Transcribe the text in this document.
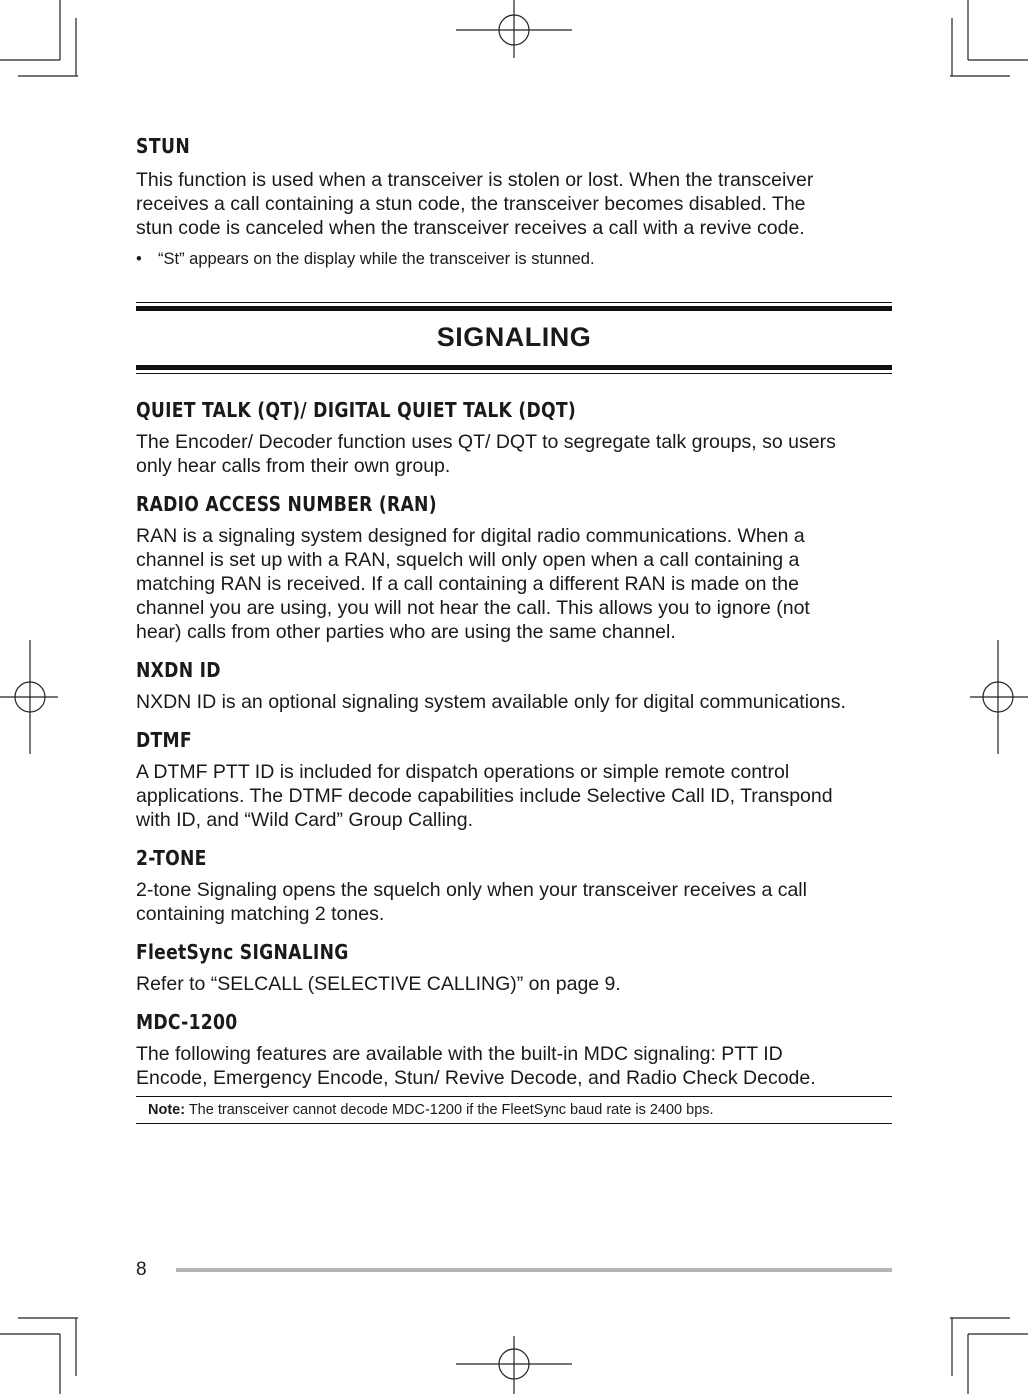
STUN

This function is used when a transceiver is stolen or lost. When the transceiver
receives a call containing a stun code, the transceiver becomes disabled. The
stun code is canceled when the transceiver receives a call with a revive code.

• “St” appears on the display while the transceiver is stunned.
SIGNALING
QUIET TALK (QT)/ DIGITAL QUIET TALK (DQT)

The Encoder/ Decoder function uses QT/ DQT to segregate talk groups, so users
only hear calls from their own group.

RADIO ACCESS NUMBER (RAN)

RAN is a signaling system designed for digital radio communications. When a
channel is set up with a RAN, squelch will only open when a call containing a
matching RAN is received. If a call containing a different RAN is made on the
channel you are using, you will not hear the call. This allows you to ignore (not
hear) calls from other parties who are using the same channel.

NXDN ID

NXDN ID is an optional signaling system available only for digital communications.

DTMF

A DTMF PTT ID is included for dispatch operations or simple remote control
applications. The DTMF decode capabilities include Selective Call ID, Transpond
with ID, and “Wild Card” Group Calling.

2-TONE

2-tone Signaling opens the squelch only when your transceiver receives a call
containing matching 2 tones.

FleetSync SIGNALING

Refer to “SELCALL (SELECTIVE CALLING)” on page 9.

MDC-1200

The following features are available with the built-in MDC signaling: PTT ID
Encode, Emergency Encode, Stun/ Revive Decode, and Radio Check Decode.

Note: The transceiver cannot decode MDC-1200 if the FleetSync baud rate is 2400 bps.
8
